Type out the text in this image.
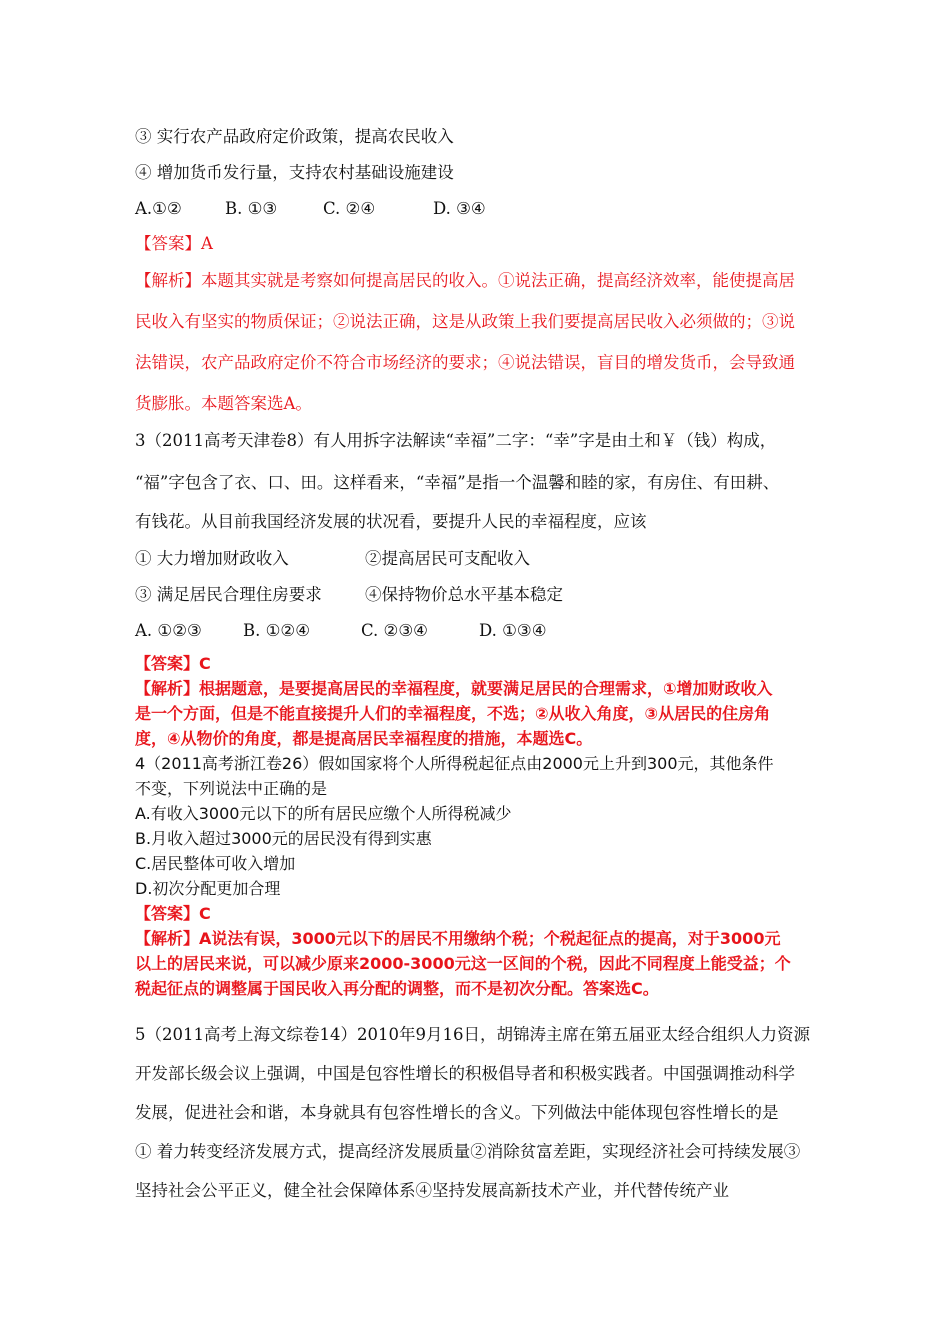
③ 实行农产品政府定价政策，提高农民收入
④ 增加货币发行量，支持农村基础设施建设
A.①②	B. ①③	C. ②④	D. ③④
【答案】A
【解析】本题其实就是考察如何提高居民的收入。①说法正确，提高经济效率，能使提高居
民收入有坚实的物质保证；②说法正确，这是从政策上我们要提高居民收入必须做的；③说
法错误，农产品政府定价不符合市场经济的要求；④说法错误，盲目的增发货币，会导致通
货膨胀。本题答案选A。
3（2011高考天津卷8）有人用拆字法解读“幸福”二字：“幸”字是由土和￥（钱）构成，
“福”字包含了衣、口、田。这样看来，“幸福”是指一个温馨和睦的家，有房住、有田耕、
有钱花。从目前我国经济发展的状况看，要提升人民的幸福程度，应该
① 大力增加财政收入	②提高居民可支配收入
③ 满足居民合理住房要求	④保持物价总水平基本稳定
A. ①②③ B. ①②④	C. ②③④	D. ①③④
【答案】C
【解析】根据题意，是要提高居民的幸福程度，就要满足居民的合理需求，①增加财政收入
是一个方面，但是不能直接提升人们的幸福程度，不选；②从收入角度，③从居民的住房角
度，④从物价的角度，都是提高居民幸福程度的措施，本题选C。
4（2011高考浙江卷26）假如国家将个人所得税起征点由2000元上升到300元，其他条件
不变，下列说法中正确的是
A.有收入3000元以下的所有居民应缴个人所得税减少
B.月收入超过3000元的居民没有得到实惠
C.居民整体可收入增加
D.初次分配更加合理
【答案】C
【解析】A说法有误，3000元以下的居民不用缴纳个税；个税起征点的提高，对于3000元
以上的居民来说，可以减少原来2000-3000元这一区间的个税，因此不同程度上能受益；个
税起征点的调整属于国民收入再分配的调整，而不是初次分配。答案选C。
5（2011高考上海文综卷14）2010年9月16日，胡锦涛主席在第五届亚太经合组织人力资源
开发部长级会议上强调，中国是包容性增长的积极倡导者和积极实践者。中国强调推动科学
发展，促进社会和谐，本身就具有包容性增长的含义。下列做法中能体现包容性增长的是
① 着力转变经济发展方式，提高经济发展质量②消除贫富差距，实现经济社会可持续发展③
坚持社会公平正义，健全社会保障体系④坚持发展高新技术产业，并代替传统产业
